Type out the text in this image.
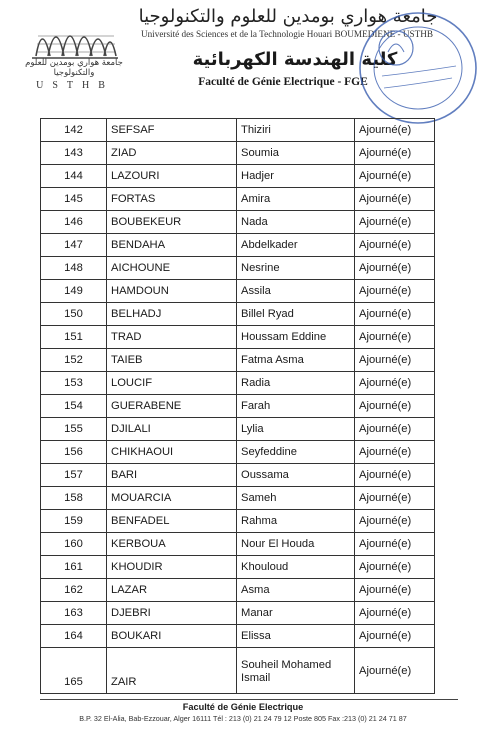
جامعة هواري بومدين للعلوم والتكنولوجيا
USTHB
جامعة هواري بومدين للعلوم والتكنولوجيا
Université des Sciences et de la Technologie Houari BOUMEDIENE - USTHB
كلية الهندسة الكهربائية
Faculté de Génie Electrique - FGE
142	SEFSAF	Thiziri	Ajourné(e)
143	ZIAD	Soumia	Ajourné(e)
144	LAZOURI	Hadjer	Ajourné(e)
145	FORTAS	Amira	Ajourné(e)
146	BOUBEKEUR	Nada	Ajourné(e)
147	BENDAHA	Abdelkader	Ajourné(e)
148	AICHOUNE	Nesrine	Ajourné(e)
149	HAMDOUN	Assila	Ajourné(e)
150	BELHADJ	Billel Ryad	Ajourné(e)
151	TRAD	Houssam Eddine	Ajourné(e)
152	TAIEB	Fatma Asma	Ajourné(e)
153	LOUCIF	Radia	Ajourné(e)
154	GUERABENE	Farah	Ajourné(e)
155	DJILALI	Lylia	Ajourné(e)
156	CHIKHAOUI	Seyfeddine	Ajourné(e)
157	BARI	Oussama	Ajourné(e)
158	MOUARCIA	Sameh	Ajourné(e)
159	BENFADEL	Rahma	Ajourné(e)
160	KERBOUA	Nour El Houda	Ajourné(e)
161	KHOUDIR	Khouloud	Ajourné(e)
162	LAZAR	Asma	Ajourné(e)
163	DJEBRI	Manar	Ajourné(e)
164	BOUKARI	Elissa	Ajourné(e)
165	ZAIR	Souheil Mohamed Ismail	Ajourné(e)
Faculté de Génie Electrique
B.P. 32 El-Alia, Bab-Ezzouar, Alger 16111 Tél : 213 (0) 21 24 79 12 Poste 805 Fax :213 (0) 21 24 71 87
